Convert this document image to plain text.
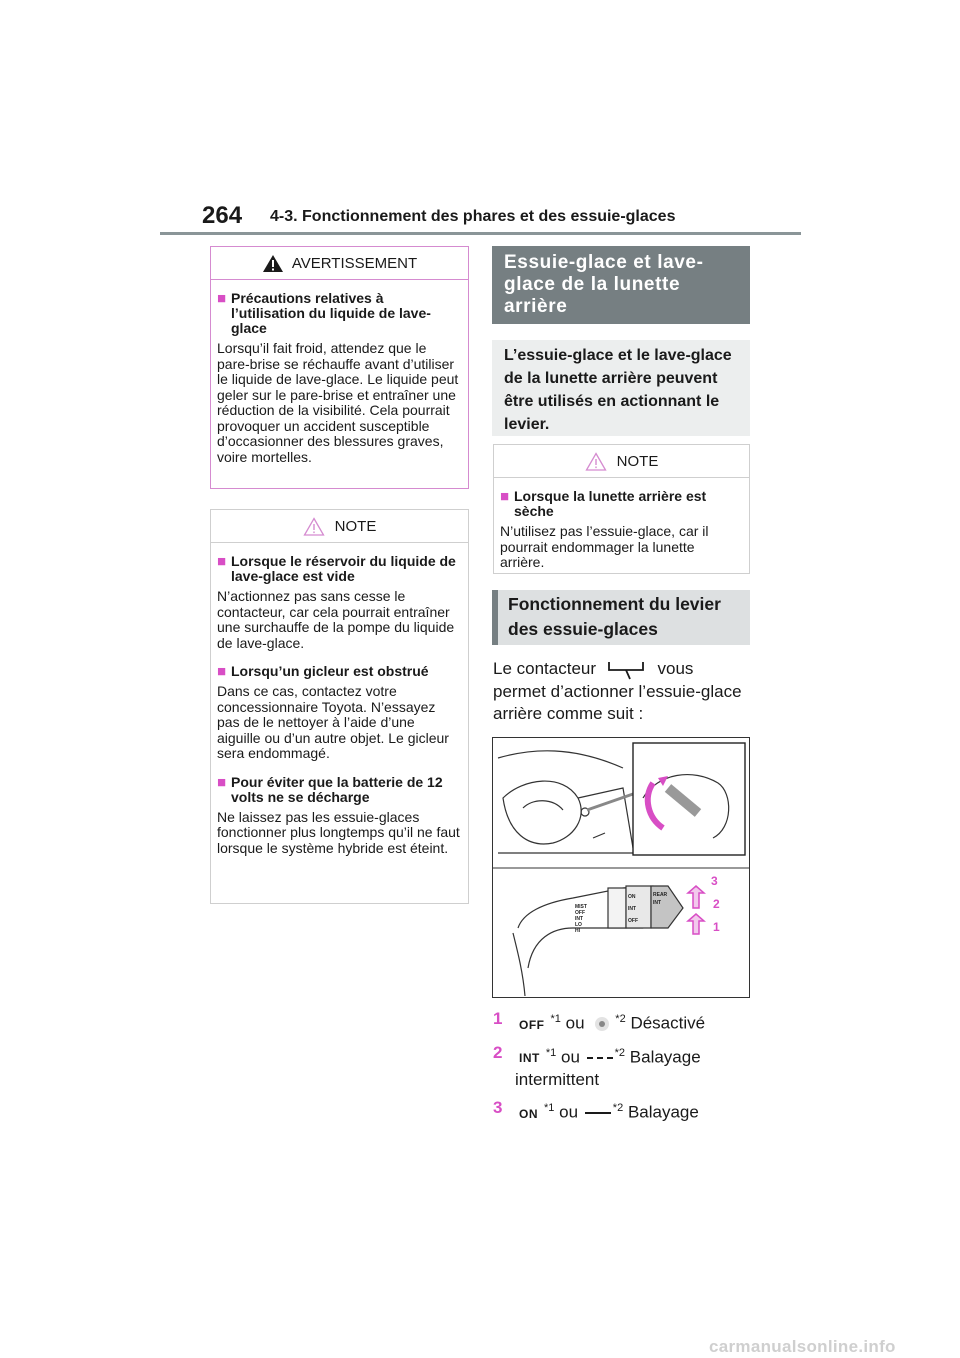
264 4-3. Fonctionnement des phares et des essuie-glaces
AVERTISSEMENT
■ Précautions relatives à l’utilisation du liquide de lave-glace
Lorsqu’il fait froid, attendez que le pare-brise se réchauffe avant d’utiliser le liquide de lave-glace. Le liquide peut geler sur le pare-brise et entraîner une réduction de la visibilité. Cela pourrait provoquer un accident susceptible d’occasionner des blessures graves, voire mortelles.
NOTE
■ Lorsque le réservoir du liquide de lave-glace est vide
N’actionnez pas sans cesse le contacteur, car cela pourrait entraîner une surchauffe de la pompe du liquide de lave-glace.
■ Lorsqu’un gicleur est obstrué
Dans ce cas, contactez votre concessionnaire Toyota. N’essayez pas de le nettoyer à l’aide d’une aiguille ou d’un autre objet. Le gicleur sera endommagé.
■ Pour éviter que la batterie de 12 volts ne se décharge
Ne laissez pas les essuie-glaces fonctionner plus longtemps qu’il ne faut lorsque le système hybride est éteint.
Essuie-glace et lave-glace de la lunette arrière
L’essuie-glace et le lave-glace de la lunette arrière peuvent être utilisés en actionnant le levier.
NOTE
■ Lorsque la lunette arrière est sèche
N’utilisez pas l’essuie-glace, car il pourrait endommager la lunette arrière.
Fonctionnement du levier des essuie-glaces
Le contacteur	vous permet d’actionner l’essuie-glace arrière comme suit :
MIST
OFF
INT
LO
HI
ON
INT
OFF
REAR
INT
3
2
1
1	OFF $^{*1}$ ou	$^{*2}$ Désactivé
2	INT $^{*1}$ ou	$^{*2}$ Balayage intermittent
3	ON $^{*1}$ ou	$^{*2}$ Balayage
carmanualsonline.info
